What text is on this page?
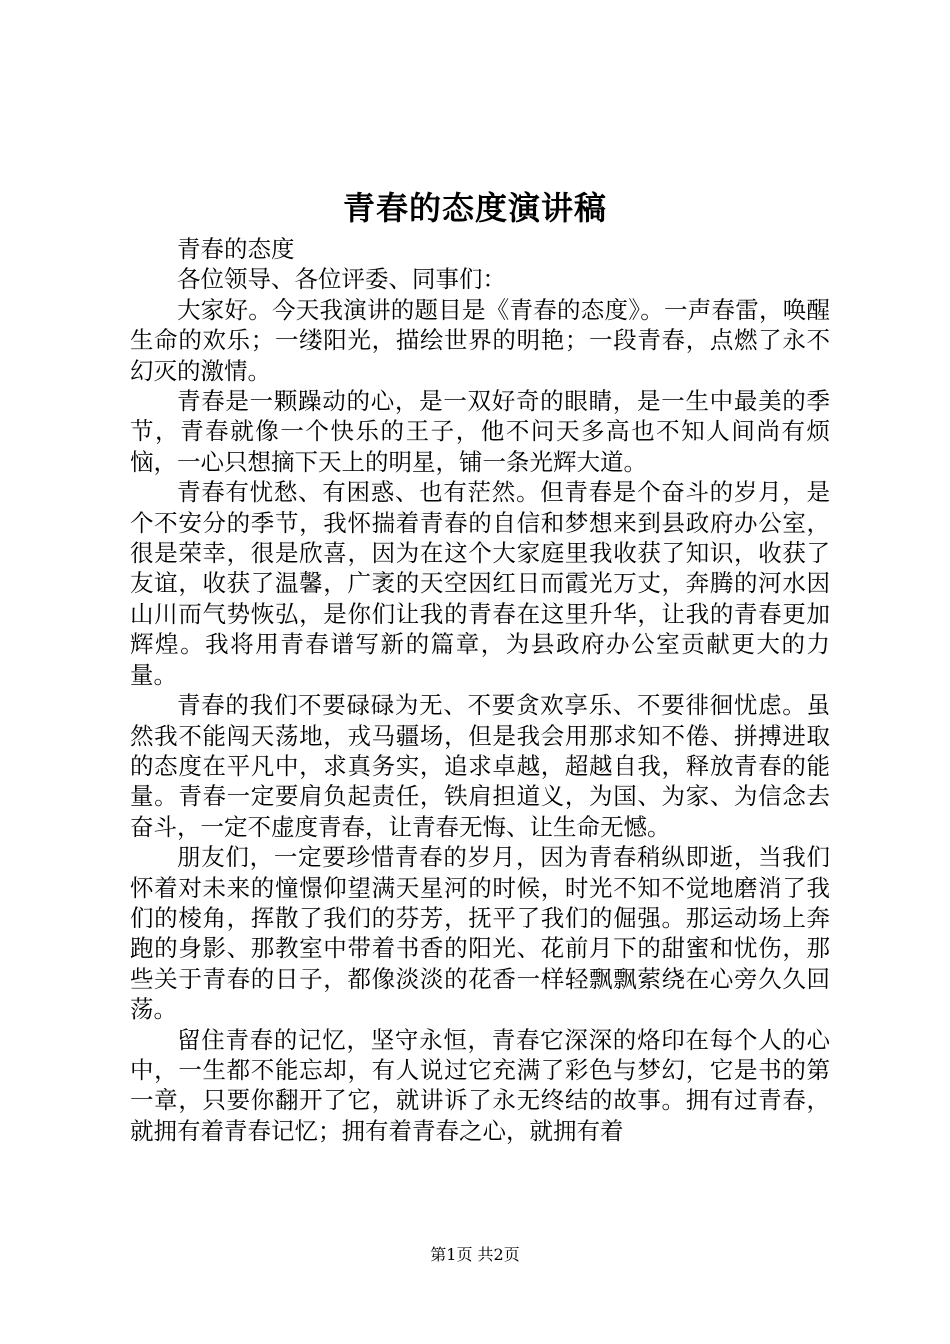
青春的态度演讲稿

青春的态度

各位领导、各位评委、同事们：

大家好。今天我演讲的题目是《青春的态度》。一声春雷，唤醒生命的欢乐；一缕阳光，描绘世界的明艳；一段青春，点燃了永不幻灭的激情。

青春是一颗躁动的心，是一双好奇的眼睛，是一生中最美的季节，青春就像一个快乐的王子，他不问天多高也不知人间尚有烦恼，一心只想摘下天上的明星，铺一条光辉大道。

青春有忧愁、有困惑、也有茫然。但青春是个奋斗的岁月，是个不安分的季节，我怀揣着青春的自信和梦想来到县政府办公室，很是荣幸，很是欣喜，因为在这个大家庭里我收获了知识，收获了友谊，收获了温馨，广袤的天空因红日而霞光万丈，奔腾的河水因山川而气势恢弘，是你们让我的青春在这里升华，让我的青春更加辉煌。我将用青春谱写新的篇章，为县政府办公室贡献更大的力量。

青春的我们不要碌碌为无、不要贪欢享乐、不要徘徊忧虑。虽然我不能闯天荡地，戎马疆场，但是我会用那求知不倦、拼搏进取的态度在平凡中，求真务实，追求卓越，超越自我，释放青春的能量。青春一定要肩负起责任，铁肩担道义，为国、为家、为信念去奋斗，一定不虚度青春，让青春无悔、让生命无憾。

朋友们，一定要珍惜青春的岁月，因为青春稍纵即逝，当我们怀着对未来的憧憬仰望满天星河的时候，时光不知不觉地磨消了我们的棱角，挥散了我们的芬芳，抚平了我们的倔强。那运动场上奔跑的身影、那教室中带着书香的阳光、花前月下的甜蜜和忧伤，那些关于青春的日子，都像淡淡的花香一样轻飘飘萦绕在心旁久久回荡。

留住青春的记忆，坚守永恒，青春它深深的烙印在每个人的心中，一生都不能忘却，有人说过它充满了彩色与梦幻，它是书的第一章，只要你翻开了它，就讲诉了永无终结的故事。拥有过青春，就拥有着青春记忆；拥有着青春之心，就拥有着

第1页 共2页
